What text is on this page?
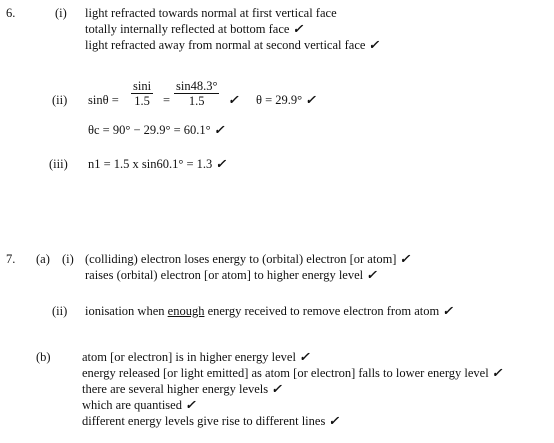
6.	(i) light refracted towards normal at first vertical face
totally internally reflected at bottom face ✓
light refracted away from normal at second vertical face ✓
(ii) $\sin\theta = \frac{\sin i}{1.5} = \frac{\sin 48.3^\circ}{1.5}$ ✓ θ = 29.9° ✓
θc = 90° − 29.9° = 60.1° ✓
(iii) n1 = 1.5 x sin60.1° = 1.3 ✓
7. (a) (i) (colliding) electron loses energy to (orbital) electron [or atom] ✓
raises (orbital) electron [or atom] to higher energy level ✓
(ii) ionisation when enough energy received to remove electron from atom ✓
(b)	atom [or electron] is in higher energy level ✓
energy released [or light emitted] as atom [or electron] falls to lower energy level ✓
there are several higher energy levels ✓
which are quantised ✓
different energy levels give rise to different lines ✓
